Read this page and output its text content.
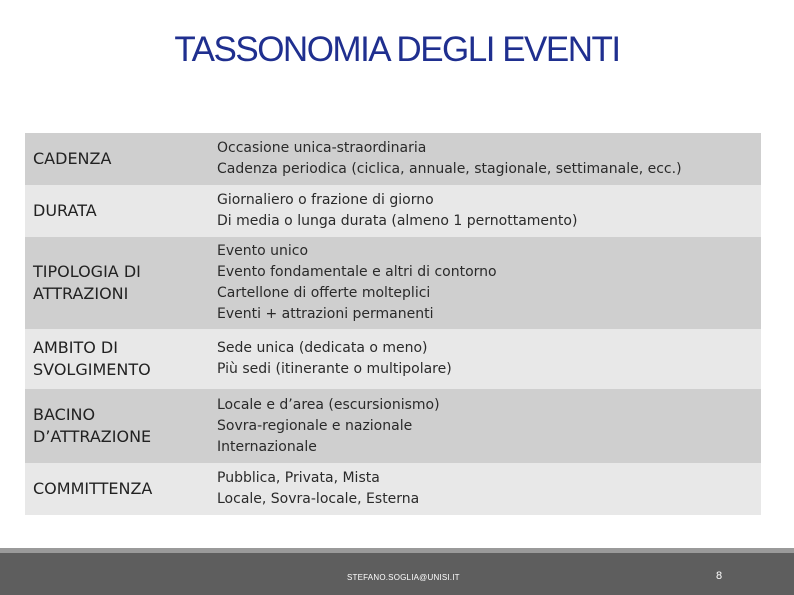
TASSONOMIA DEGLI EVENTI
CADENZA
Occasione unica-straordinaria
Cadenza periodica (ciclica, annuale, stagionale, settimanale, ecc.)
DURATA
Giornaliero o frazione di giorno
Di media o lunga durata (almeno 1 pernottamento)
TIPOLOGIA DI ATTRAZIONI
Evento unico
Evento fondamentale e altri di contorno
Cartellone di offerte molteplici
Eventi + attrazioni permanenti
AMBITO DI SVOLGIMENTO
Sede unica (dedicata o meno)
Più sedi (itinerante o multipolare)
BACINO D’ATTRAZIONE
Locale e d’area (escursionismo)
Sovra-regionale e nazionale
Internazionale
COMMITTENZA
Pubblica, Privata, Mista
Locale, Sovra-locale, Esterna
STEFANO.SOGLIA@UNISI.IT	8
